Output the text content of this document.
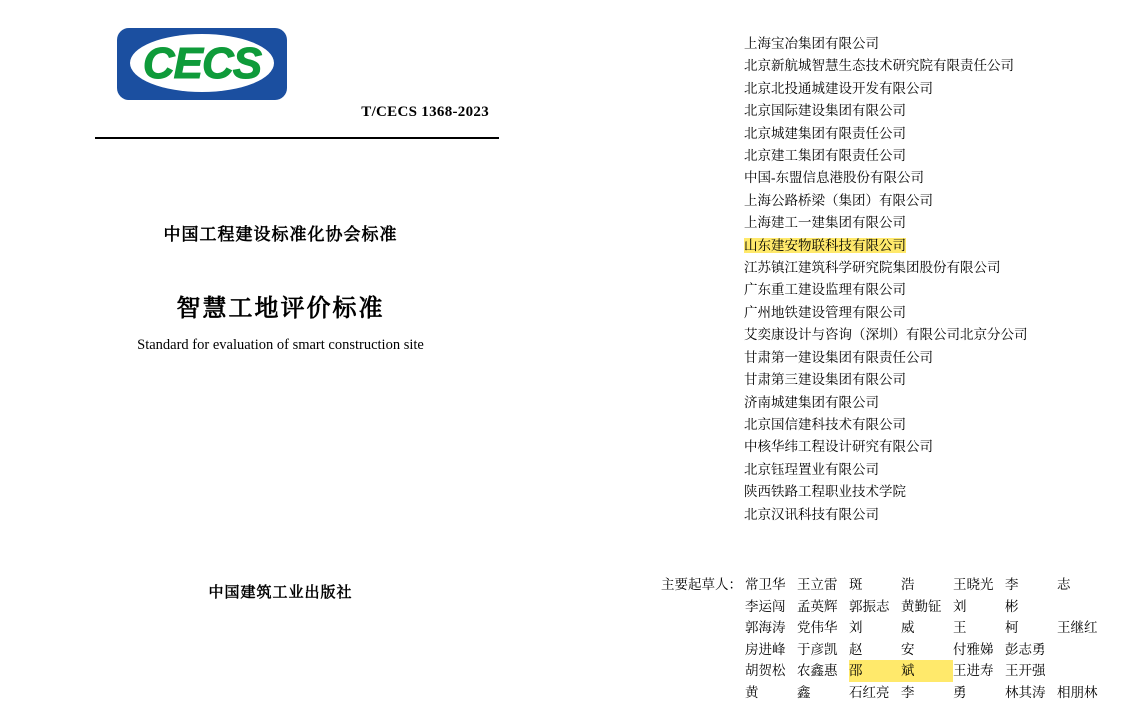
CECS
T/CECS 1368-2023
中国工程建设标准化协会标准
智慧工地评价标准
Standard for evaluation of smart construction site
中国建筑工业出版社
上海宝冶集团有限公司
北京新航城智慧生态技术研究院有限责任公司
北京北投通城建设开发有限公司
北京国际建设集团有限公司
北京城建集团有限责任公司
北京建工集团有限责任公司
中国-东盟信息港股份有限公司
上海公路桥梁（集团）有限公司
上海建工一建集团有限公司
山东建安物联科技有限公司
江苏镇江建筑科学研究院集团股份有限公司
广东重工建设监理有限公司
广州地铁建设管理有限公司
艾奕康设计与咨询（深圳）有限公司北京分公司
甘肃第一建设集团有限责任公司
甘肃第三建设集团有限公司
济南城建集团有限公司
北京国信建科技术有限公司
中核华纬工程设计研究有限公司
北京钰珵置业有限公司
陕西铁路工程职业技术学院
北京汉讯科技有限公司
主要起草人： 常卫华 王立雷 斑	浩	王晓光 李	志
李运闯 孟英辉 郭振志 黄勤钲 刘	彬
郭海涛 党伟华 刘	威	王	柯	王继红
房进峰 于彦凯 赵	安	付雅娣 彭志勇
胡贺松 农鑫惠 邵	斌	王进寿 王开强
黄	鑫	石红亮 李	勇	林其涛 相朋林
